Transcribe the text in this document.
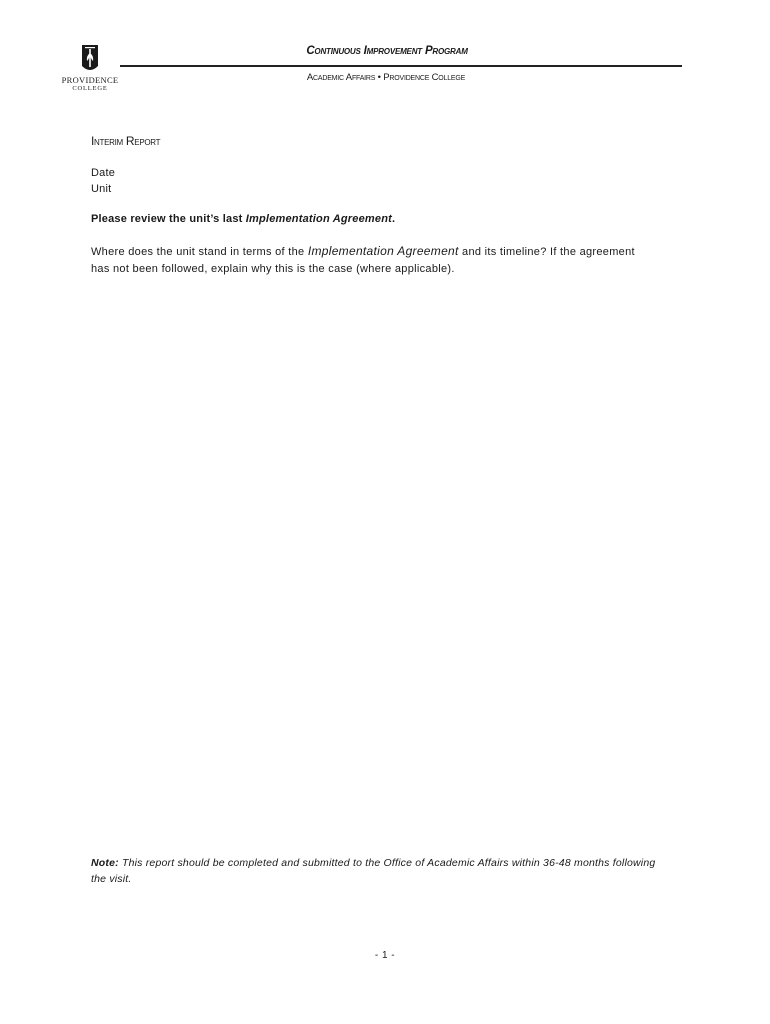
PROVIDENCE
COLLEGE
Continuous Improvement Program
Academic Affairs • Providence College
Interim Report
Date
Unit
Please review the unit’s last Implementation Agreement.
Where does the unit stand in terms of the Implementation Agreement and its timeline? If the agreement has not been followed, explain why this is the case (where applicable).
Note: This report should be completed and submitted to the Office of Academic Affairs within 36-48 months following the visit.
- 1 -
